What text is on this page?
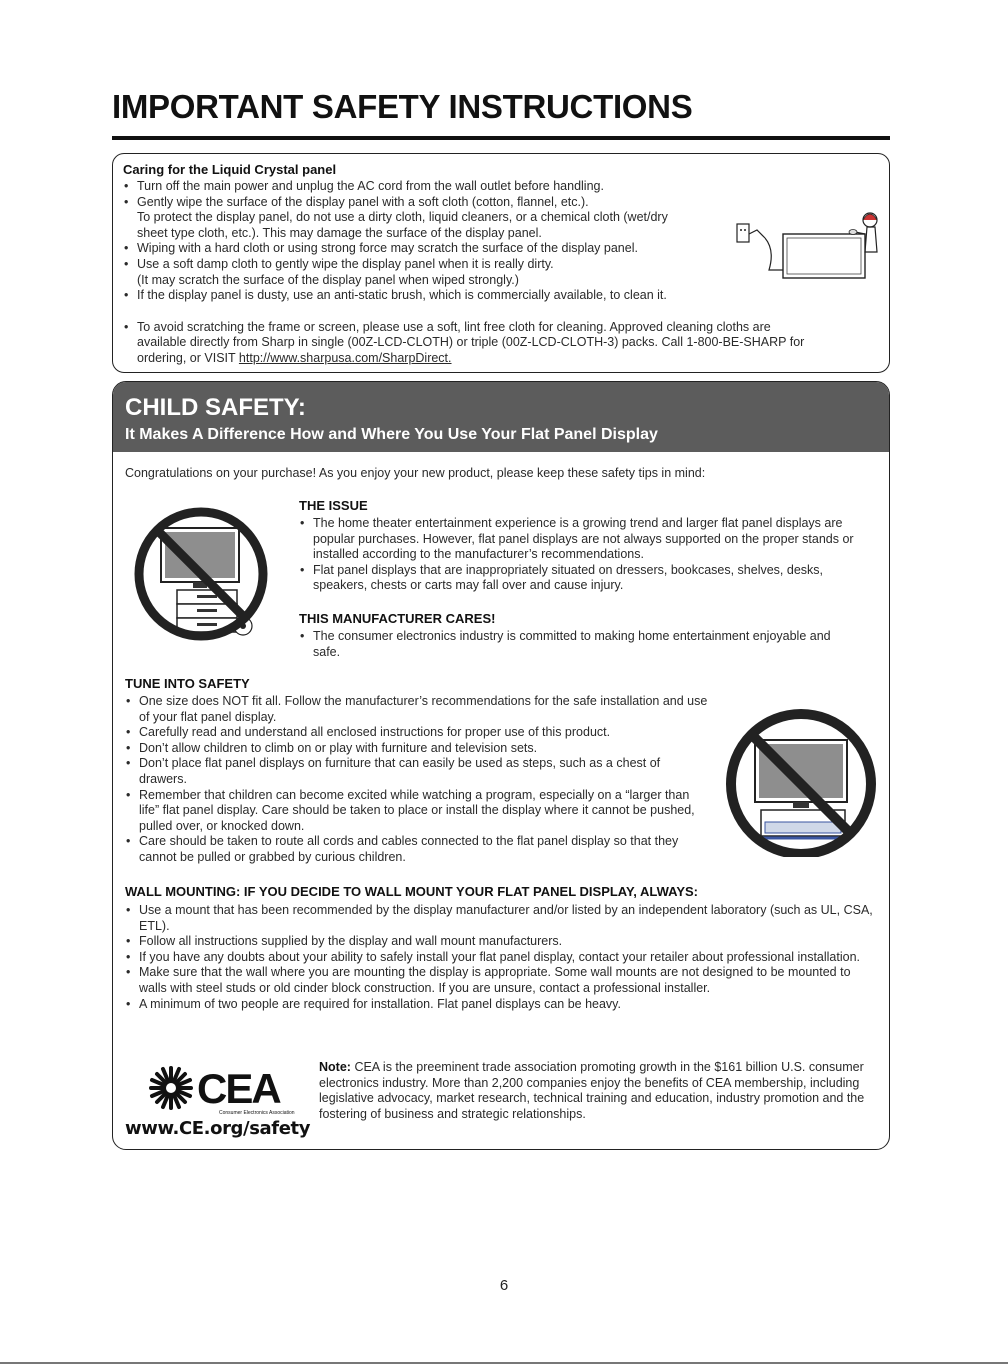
IMPORTANT SAFETY INSTRUCTIONS
Caring for the Liquid Crystal panel
• Turn off the main power and unplug the AC cord from the wall outlet before handling.
• Gently wipe the surface of the display panel with a soft cloth (cotton, flannel, etc.).
To protect the display panel, do not use a dirty cloth, liquid cleaners, or a chemical cloth (wet/dry
sheet type cloth, etc.). This may damage the surface of the display panel.
• Wiping with a hard cloth or using strong force may scratch the surface of the display panel.
• Use a soft damp cloth to gently wipe the display panel when it is really dirty.
(It may scratch the surface of the display panel when wiped strongly.)
• If the display panel is dusty, use an anti-static brush, which is commercially available, to clean it.
• To avoid scratching the frame or screen, please use a soft, lint free cloth for cleaning. Approved cleaning cloths are
available directly from Sharp in single (00Z-LCD-CLOTH) or triple (00Z-LCD-CLOTH-3) packs. Call 1-800-BE-SHARP for
ordering, or VISIT http://www.sharpusa.com/SharpDirect.
CHILD SAFETY:
It Makes A Difference How and Where You Use Your Flat Panel Display
Congratulations on your purchase! As you enjoy your new product, please keep these safety tips in mind:
THE ISSUE
• The home theater entertainment experience is a growing trend and larger flat panel displays are popular purchases. However, flat panel displays are not always supported on the proper stands or installed according to the manufacturer’s recommendations.
• Flat panel displays that are inappropriately situated on dressers, bookcases, shelves, desks, speakers, chests or carts may fall over and cause injury.
THIS MANUFACTURER CARES!
• The consumer electronics industry is committed to making home entertainment enjoyable and safe.
TUNE INTO SAFETY
• One size does NOT fit all. Follow the manufacturer’s recommendations for the safe installation and use of your flat panel display.
• Carefully read and understand all enclosed instructions for proper use of this product.
• Don’t allow children to climb on or play with furniture and television sets.
• Don’t place flat panel displays on furniture that can easily be used as steps, such as a chest of drawers.
• Remember that children can become excited while watching a program, especially on a “larger than life” flat panel display. Care should be taken to place or install the display where it cannot be pushed, pulled over, or knocked down.
• Care should be taken to route all cords and cables connected to the flat panel display so that they cannot be pulled or grabbed by curious children.
WALL MOUNTING: IF YOU DECIDE TO WALL MOUNT YOUR FLAT PANEL DISPLAY, ALWAYS:
• Use a mount that has been recommended by the display manufacturer and/or listed by an independent laboratory (such as UL, CSA, ETL).
• Follow all instructions supplied by the display and wall mount manufacturers.
• If you have any doubts about your ability to safely install your flat panel display, contact your retailer about professional installation.
• Make sure that the wall where you are mounting the display is appropriate. Some wall mounts are not designed to be mounted to walls with steel studs or old cinder block construction. If you are unsure, contact a professional installer.
• A minimum of two people are required for installation. Flat panel displays can be heavy.
CEA
Consumer Electronics Association
www.CE.org/safety
Note: CEA is the preeminent trade association promoting growth in the $161 billion U.S. consumer electronics industry. More than 2,200 companies enjoy the benefits of CEA membership, including legislative advocacy, market research, technical training and education, industry promotion and the fostering of business and strategic relationships.
6
